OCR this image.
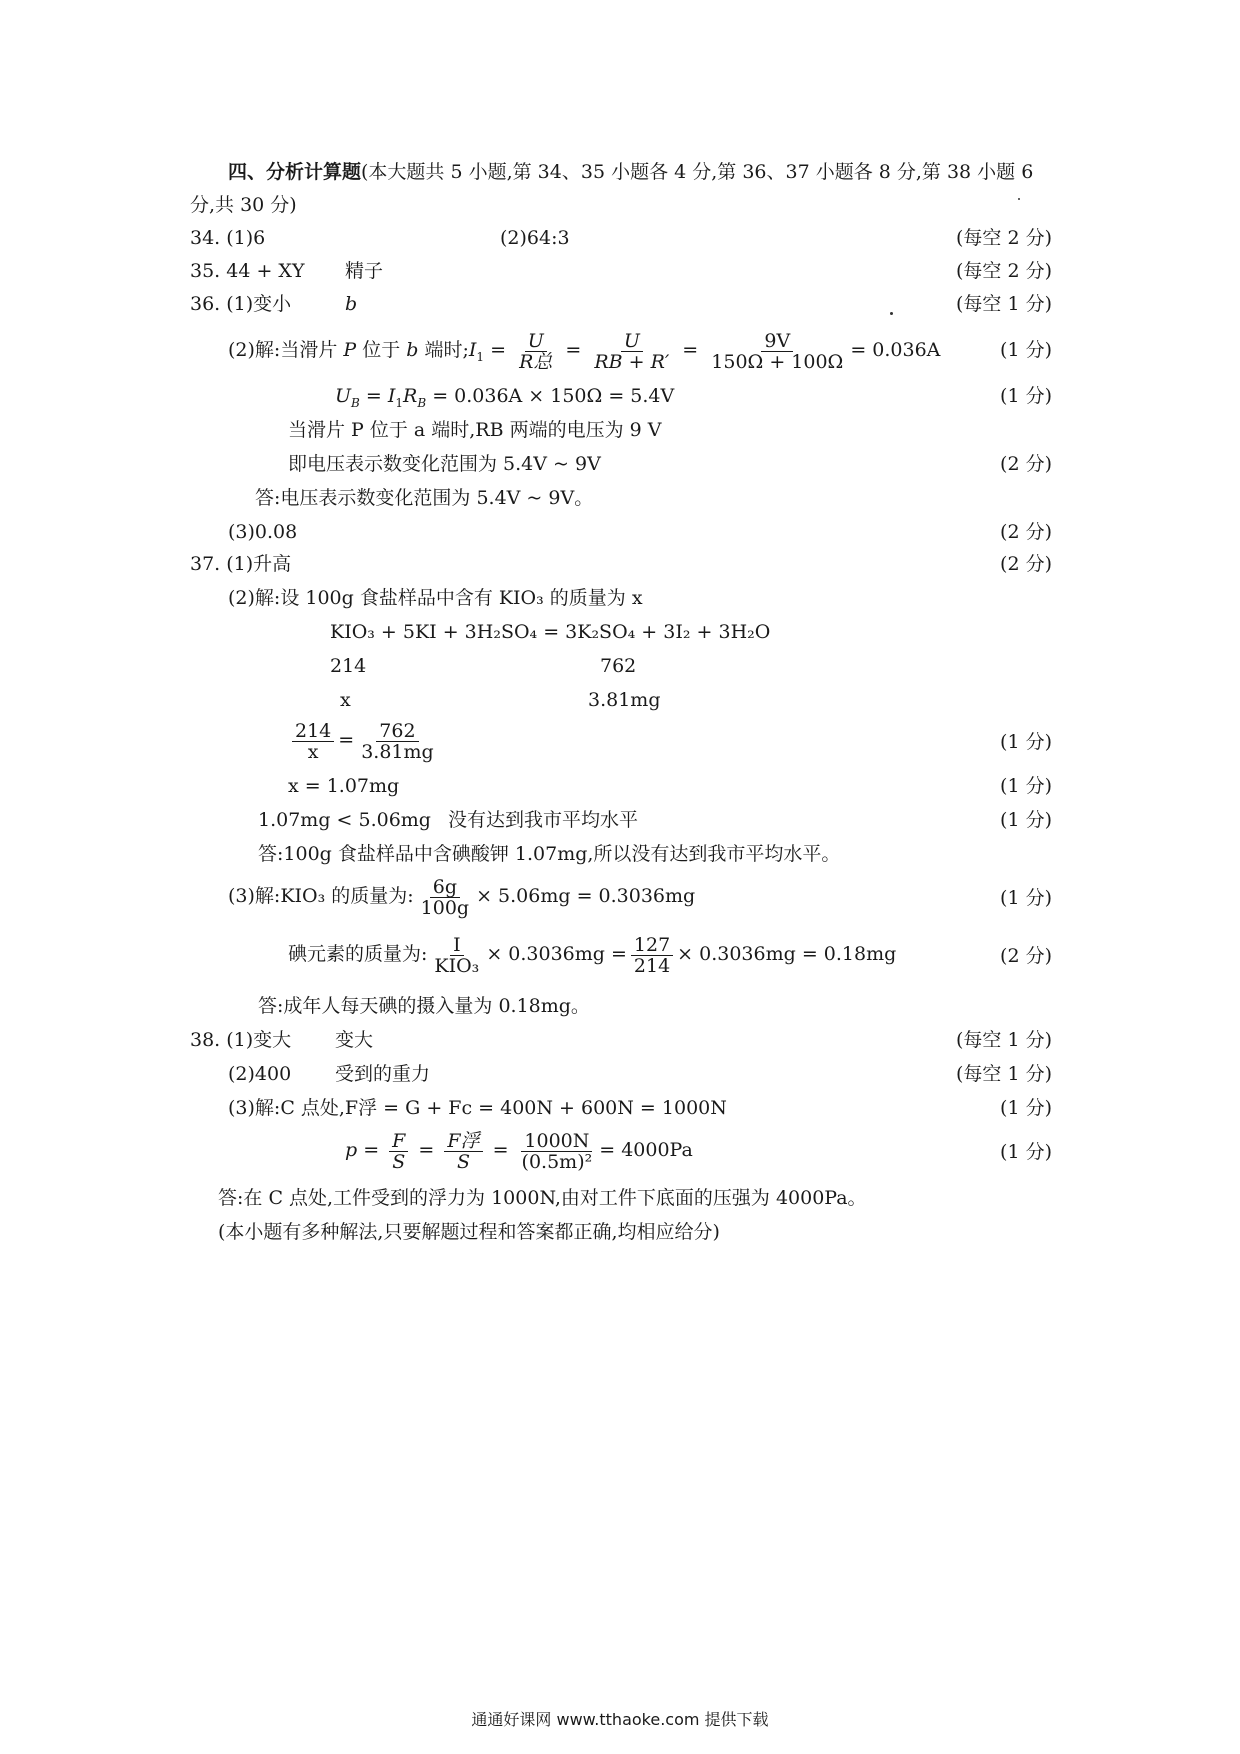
四、分析计算题(本大题共 5 小题,第 34、35 小题各 4 分,第 36、37 小题各 8 分,第 38 小题 6
分,共 30 分)
34. (1)6	(2)64:3	(每空 2 分)
35. 44 + XY 精子	(每空 2 分)
36. (1)变小	b	(每空 1 分)
(2)解:当滑片 P 位于 b 端时$;I_1 = \frac{U}{\text{R总}} = \frac{U}{RB + R'} = \frac{9V}{150\Omega + 100\Omega} = 0.036A$	(1 分)
$U_B = I_1R_B = 0.036A \times 150\Omega = 5.4V$	(1 分)
当滑片 P 位于 a 端时,RB 两端的电压为 9 V
即电压表示数变化范围为 5.4V ~ 9V	(2 分)
答:电压表示数变化范围为 5.4V ~ 9V。
(3)0.08	(2 分)
37. (1)升高	(2 分)
(2)解:设 100g 食盐样品中含有 KIO₃ 的质量为 x
KIO₃ + 5KI + 3H₂SO₄ = 3K₂SO₄ + 3I₂ + 3H₂O
214	762
x	3.81mg
$\frac{214}{x} = \frac{762}{3.81mg}$	(1 分)
x = 1.07mg	(1 分)
1.07mg < 5.06mg 没有达到我市平均水平	(1 分)
答:100g 食盐样品中含碘酸钾 1.07mg,所以没有达到我市平均水平。
(3)解:KIO₃ 的质量为: $\frac{6g}{100g} \times 5.06mg = 0.3036mg$	(1 分)
碘元素的质量为: $\frac{I}{\text{KIO₃}} \times 0.3036mg = \frac{127}{214} \times 0.3036mg = 0.18mg$	(2 分)
答:成年人每天碘的摄入量为 0.18mg。
38. (1)变大 变大	(每空 1 分)
(2)400 受到的重力	(每空 1 分)
(3)解:C 点处,F浮 = G + Fc = 400N + 600N = 1000N	(1 分)
$p = \frac{F}{S} = \frac{\text{F浮}}{S} = \frac{1000N}{\text{(0.5m)²}} = 4000Pa$	(1 分)
答:在 C 点处,工件受到的浮力为 1000N,由对工件下底面的压强为 4000Pa。
(本小题有多种解法,只要解题过程和答案都正确,均相应给分)
通通好课网 www.tthaoke.com 提供下载
